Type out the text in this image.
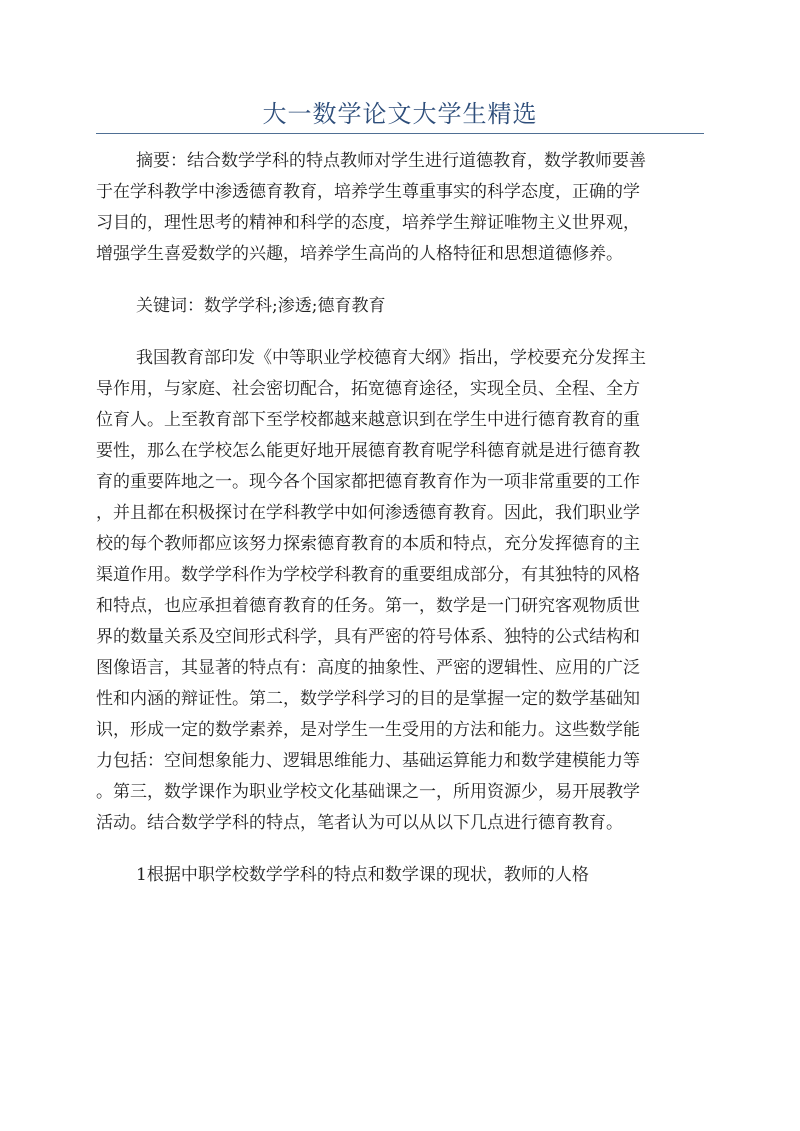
大一数学论文大学生精选
摘要：结合数学学科的特点教师对学生进行道德教育，数学教师要善
于在学科教学中渗透德育教育，培养学生尊重事实的科学态度，正确的学
习目的，理性思考的精神和科学的态度，培养学生辩证唯物主义世界观，
增强学生喜爱数学的兴趣，培养学生高尚的人格特征和思想道德修养。
关键词：数学学科;渗透;德育教育
我国教育部印发《中等职业学校德育大纲》指出，学校要充分发挥主
导作用，与家庭、社会密切配合，拓宽德育途径，实现全员、全程、全方
位育人。上至教育部下至学校都越来越意识到在学生中进行德育教育的重
要性，那么在学校怎么能更好地开展德育教育呢学科德育就是进行德育教
育的重要阵地之一。现今各个国家都把德育教育作为一项非常重要的工作
，并且都在积极探讨在学科教学中如何渗透德育教育。因此，我们职业学
校的每个教师都应该努力探索德育教育的本质和特点，充分发挥德育的主
渠道作用。数学学科作为学校学科教育的重要组成部分，有其独特的风格
和特点，也应承担着德育教育的任务。第一，数学是一门研究客观物质世
界的数量关系及空间形式科学，具有严密的符号体系、独特的公式结构和
图像语言，其显著的特点有：高度的抽象性、严密的逻辑性、应用的广泛
性和内涵的辩证性。第二，数学学科学习的目的是掌握一定的数学基础知
识，形成一定的数学素养，是对学生一生受用的方法和能力。这些数学能
力包括：空间想象能力、逻辑思维能力、基础运算能力和数学建模能力等
。第三，数学课作为职业学校文化基础课之一，所用资源少，易开展教学
活动。结合数学学科的特点，笔者认为可以从以下几点进行德育教育。
1根据中职学校数学学科的特点和数学课的现状，教师的人格
